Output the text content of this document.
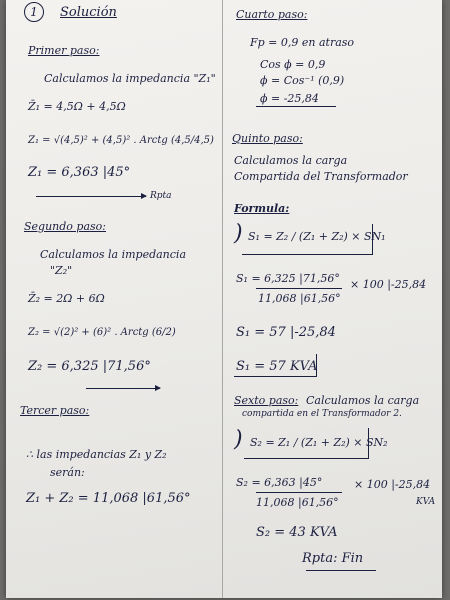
1	Solución
Primer paso:
Calculamos la impedancia "Z₁"
Z̄₁ = 4,5Ω + 4,5Ω
Z₁ = √(4,5)² + (4,5)² . Arctg (4,5/4,5)
Z₁ = 6,363 |45°
Rpta
Segundo paso:
Calculamos la impedancia
"Z₂"
Z̄₂ = 2Ω + 6Ω
Z₂ = √(2)² + (6)² . Arctg (6/2)
Z₂ = 6,325 |71,56°
Tercer paso:
∴ las impedancias Z₁ y Z₂
serán:
Z₁ + Z₂ = 11,068 |61,56°
Cuarto paso:
Fp = 0,9 en atraso
Cos ϕ = 0,9
ϕ = Cos⁻¹ (0,9)
ϕ = -25,84
Quinto paso:
Calculamos la carga
Compartida del Transformador
Formula:
) S₁ = Z₂ / (Z₁ + Z₂) × SN₁
S₁ = 6,325 |71,56° × 100 |-25,84
11,068 |61,56°
S₁ = 57 |-25,84
S₁ = 57 KVA
Sexto paso: Calculamos la carga
compartida en el Transformador 2.
) S₂ = Z₁ / (Z₁ + Z₂) × SN₂
S₂ = 6,363 |45°	× 100 |-25,84
11,068 |61,56°	KVA
S₂ = 43 KVA
Rpta: Fin
